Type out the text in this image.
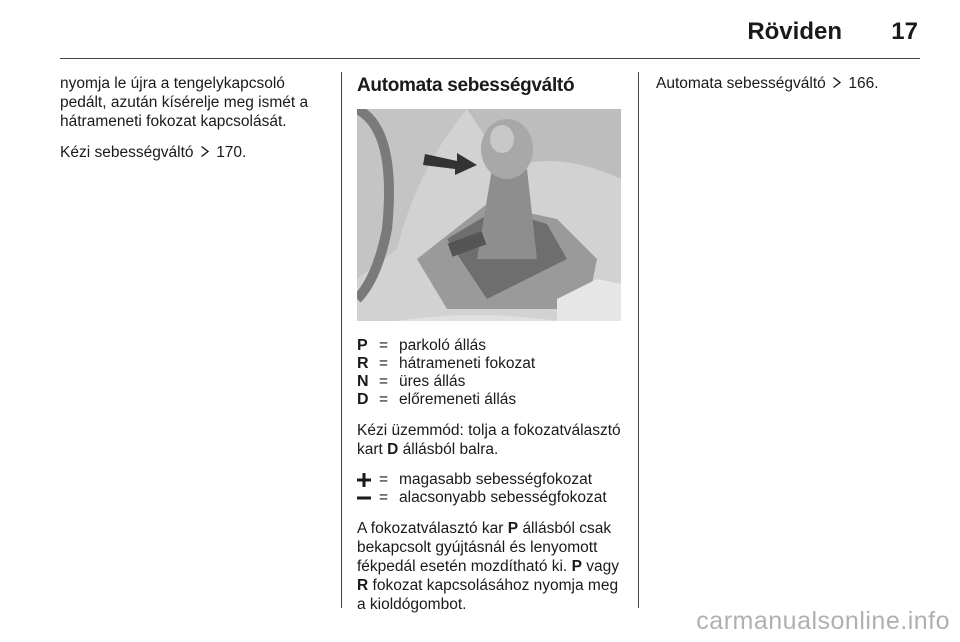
Röviden 17

nyomja le újra a tengelykapcsoló pedált, azután kísérelje meg ismét a hátrameneti fokozat kapcsolását.

Kézi sebességváltó 170.

Automata sebességváltó
P = parkoló állás
R = hátrameneti fokozat
N = üres állás
D = előremeneti állás

Kézi üzemmód: tolja a fokozatválasztó kart D állásból balra.

= magasabb sebességfokozat
= alacsonyabb sebességfokozat

A fokozatválasztó kar P állásból csak bekapcsolt gyújtásnál és lenyomott fékpedál esetén mozdítható ki. P vagy R fokozat kapcsolásához nyomja meg a kioldógombot.

Automata sebességváltó 166.

carmanualsonline.info
